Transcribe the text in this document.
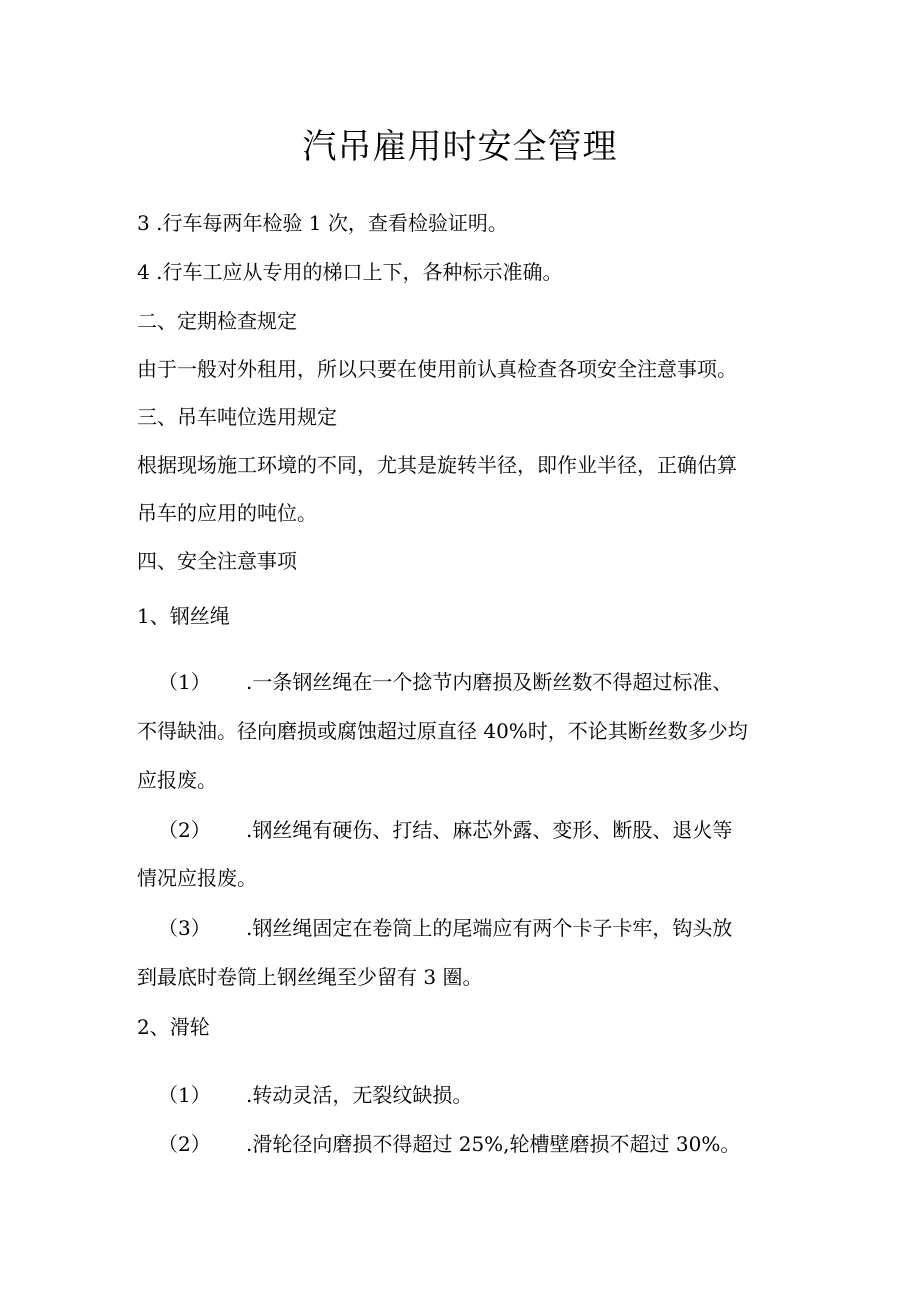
汽吊雇用时安全管理
3 .行车每两年检验 1 次，查看检验证明。
4 .行车工应从专用的梯口上下，各种标示准确。
二、定期检查规定
由于一般对外租用，所以只要在使用前认真检查各项安全注意事项。
三、吊车吨位选用规定
根据现场施工环境的不同，尤其是旋转半径，即作业半径，正确估算
吊车的应用的吨位。
四、安全注意事项
1、钢丝绳
（1） .一条钢丝绳在一个捻节内磨损及断丝数不得超过标准、
不得缺油。径向磨损或腐蚀超过原直径 40%时，不论其断丝数多少均
应报废。
（2） .钢丝绳有硬伤、打结、麻芯外露、变形、断股、退火等
情况应报废。
（3） .钢丝绳固定在卷筒上的尾端应有两个卡子卡牢，钩头放
到最底时卷筒上钢丝绳至少留有 3 圈。
2、滑轮
（1） .转动灵活，无裂纹缺损。
（2） .滑轮径向磨损不得超过 25%,轮槽壁磨损不超过 30%。
